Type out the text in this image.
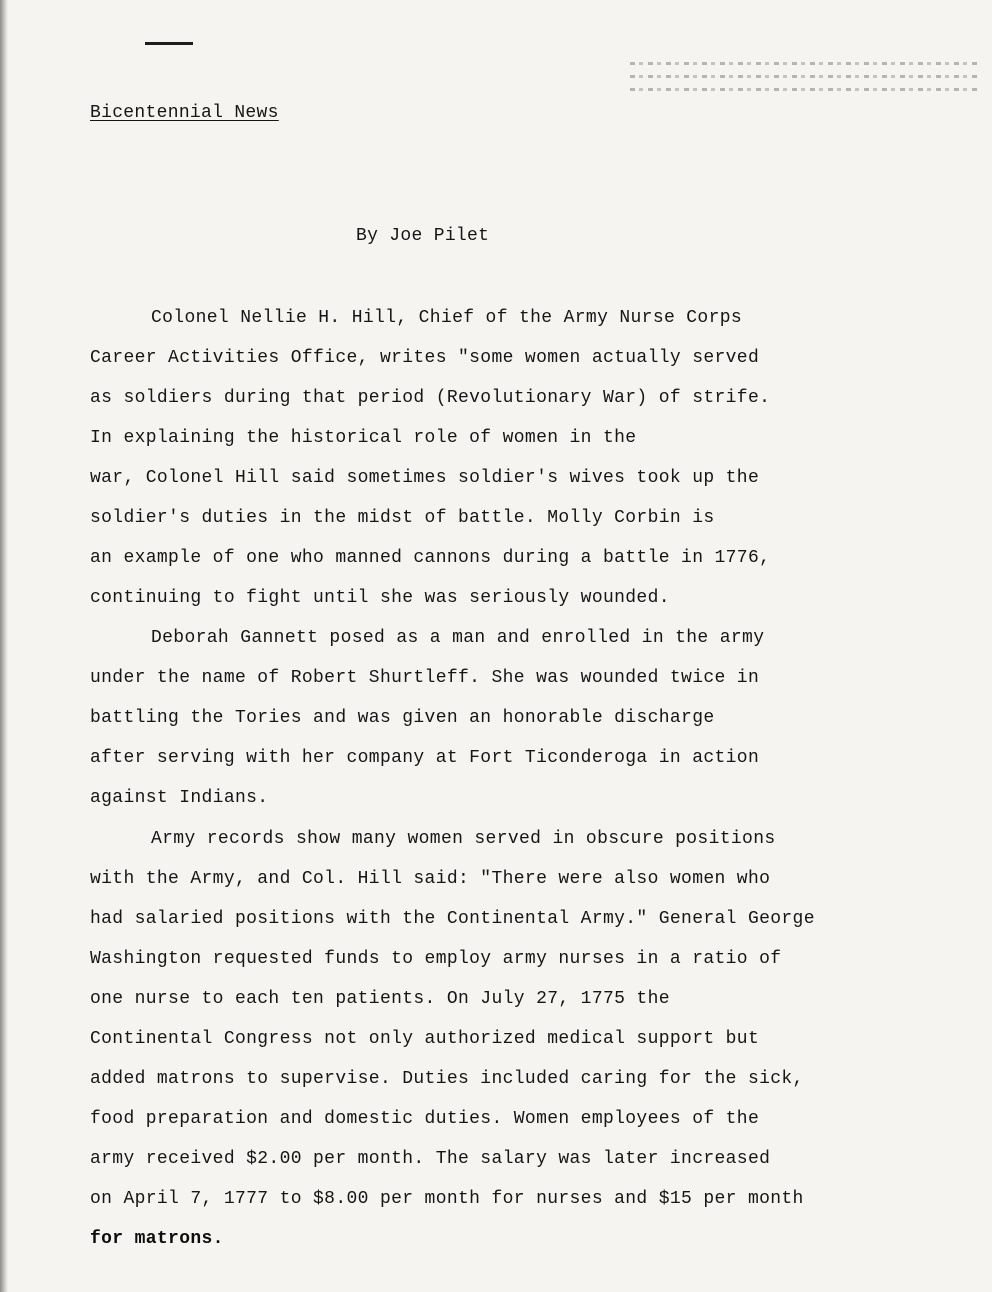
Bicentennial News
By Joe Pilet
Colonel Nellie H. Hill, Chief of the Army Nurse Corps
Career Activities Office, writes "some women actually served
as soldiers during that period (Revolutionary War) of strife.
In explaining the historical role of women in the
war, Colonel Hill said sometimes soldier's wives took up the
soldier's duties in the midst of battle. Molly Corbin is
an example of one who manned cannons during a battle in 1776,
continuing to fight until she was seriously wounded.
Deborah Gannett posed as a man and enrolled in the army
under the name of Robert Shurtleff. She was wounded twice in
battling the Tories and was given an honorable discharge
after serving with her company at Fort Ticonderoga in action
against Indians.
Army records show many women served in obscure positions
with the Army, and Col. Hill said: "There were also women who
had salaried positions with the Continental Army." General George
Washington requested funds to employ army nurses in a ratio of
one nurse to each ten patients. On July 27, 1775 the
Continental Congress not only authorized medical support but
added matrons to supervise. Duties included caring for the sick,
food preparation and domestic duties. Women employees of the
army received $2.00 per month. The salary was later increased
on April 7, 1777 to $8.00 per month for nurses and $15 per month
for matrons.
